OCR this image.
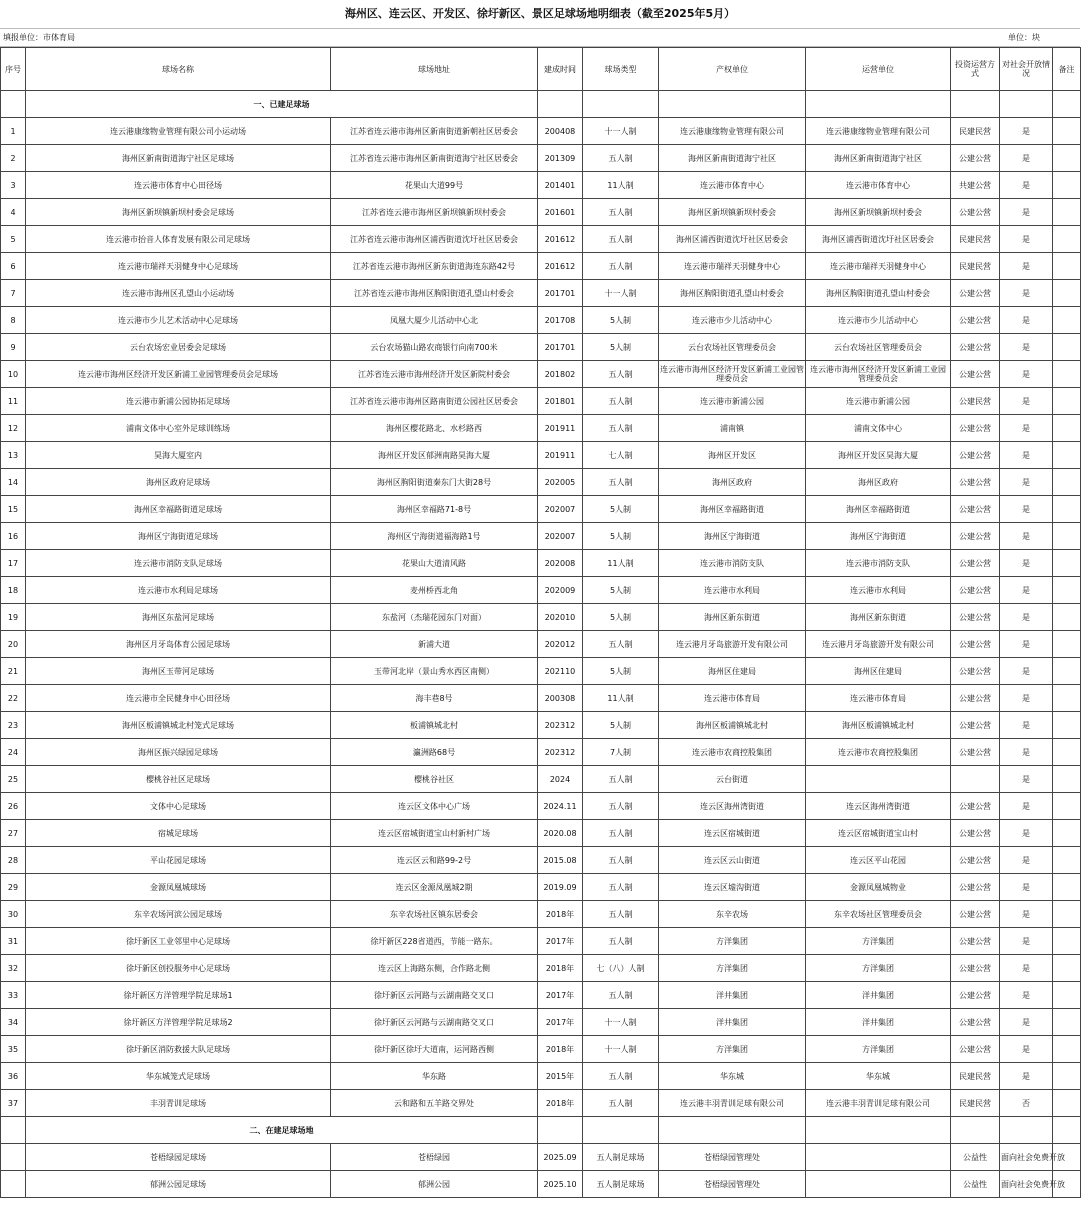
海州区、连云区、开发区、徐圩新区、景区足球场地明细表（截至2025年5月）
填报单位：市体育局	单位：块
序号	球场名称	球场地址	建成时间	球场类型	产权单位	运营单位	投资运营方式	对社会开放情况	备注
	一、已建足球场								
1	连云港康缘物业管理有限公司小运动场	江苏省连云港市海州区新南街道新朝社区居委会	200408	十一人制	连云港康缘物业管理有限公司	连云港康缘物业管理有限公司	民建民营	是	
2	海州区新南街道海宁社区足球场	江苏省连云港市海州区新南街道海宁社区居委会	201309	五人制	海州区新南街道海宁社区	海州区新南街道海宁社区	公建公营	是	
3	连云港市体育中心田径场	花果山大道99号	201401	11人制	连云港市体育中心	连云港市体育中心	共建公营	是	
4	海州区新坝镇新坝村委会足球场	江苏省连云港市海州区新坝镇新坝村委会	201601	五人制	海州区新坝镇新坝村委会	海州区新坝镇新坝村委会	公建公营	是	
5	连云港市抬音人体育发展有限公司足球场	江苏省连云港市海州区浦西街道沈圩社区居委会	201612	五人制	海州区浦西街道沈圩社区居委会	海州区浦西街道沈圩社区居委会	民建民营	是	
6	连云港市瑞祥天羽健身中心足球场	江苏省连云港市海州区新东街道海连东路42号	201612	五人制	连云港市瑞祥天羽健身中心	连云港市瑞祥天羽健身中心	民建民营	是	
7	连云港市海州区孔望山小运动场	江苏省连云港市海州区朐阳街道孔望山村委会	201701	十一人制	海州区朐阳街道孔望山村委会	海州区朐阳街道孔望山村委会	公建公营	是	
8	连云港市少儿艺术活动中心足球场	凤凰大厦少儿活动中心北	201708	5人制	连云港市少儿活动中心	连云港市少儿活动中心	公建公营	是	
9	云台农场宏业居委会足球场	云台农场猫山路农商银行向南700米	201701	5人制	云台农场社区管理委员会	云台农场社区管理委员会	公建公营	是	
10	连云港市海州区经济开发区新浦工业园管理委员会足球场	江苏省连云港市海州经济开发区新院村委会	201802	五人制	连云港市海州区经济开发区新浦工业园管理委员会	连云港市海州区经济开发区新浦工业园管理委员会	公建公营	是	
11	连云港市新浦公园协拓足球场	江苏省连云港市海州区路南街道公园社区居委会	201801	五人制	连云港市新浦公园	连云港市新浦公园	公建民营	是	
12	浦南文体中心室外足球训练场	海州区樱花路北、水杉路西	201911	五人制	浦南镇	浦南文体中心	公建公营	是	
13	昊海大厦室内	海州区开发区郁洲南路昊海大厦	201911	七人制	海州区开发区	海州区开发区昊海大厦	公建公营	是	
14	海州区政府足球场	海州区朐阳街道秦东门大街28号	202005	五人制	海州区政府	海州区政府	公建公营	是	
15	海州区幸福路街道足球场	海州区幸福路71-8号	202007	5人制	海州区幸福路街道	海州区幸福路街道	公建公营	是	
16	海州区宁海街道足球场	海州区宁海街道福海路1号	202007	5人制	海州区宁海街道	海州区宁海街道	公建公营	是	
17	连云港市消防支队足球场	花果山大道清风路	202008	11人制	连云港市消防支队	连云港市消防支队	公建公营	是	
18	连云港市水利局足球场	麦州桥西北角	202009	5人制	连云港市水利局	连云港市水利局	公建公营	是	
19	海州区东盐河足球场	东盐河（杰瑞花园东门对面）	202010	5人制	海州区新东街道	海州区新东街道	公建公营	是	
20	海州区月牙岛体育公园足球场	新浦大道	202012	五人制	连云港月牙岛旅游开发有限公司	连云港月牙岛旅游开发有限公司	公建公营	是	
21	海州区玉带河足球场	玉带河北岸（景山秀水西区南侧）	202110	5人制	海州区住建局	海州区住建局	公建公营	是	
22	连云港市全民健身中心田径场	海丰巷8号	200308	11人制	连云港市体育局	连云港市体育局	公建公营	是	
23	海州区板浦镇城北村笼式足球场	板浦镇城北村	202312	5人制	海州区板浦镇城北村	海州区板浦镇城北村	公建公营	是	
24	海州区振兴绿园足球场	瀛洲路68号	202312	7人制	连云港市农商控股集团	连云港市农商控股集团	公建公营	是	
25	樱桃谷社区足球场	樱桃谷社区	2024	五人制	云台街道			是	
26	文体中心足球场	连云区文体中心广场	2024.11	五人制	连云区海州湾街道	连云区海州湾街道	公建公营	是	
27	宿城足球场	连云区宿城街道宝山村新村广场	2020.08	五人制	连云区宿城街道	连云区宿城街道宝山村	公建公营	是	
28	平山花园足球场	连云区云和路99-2号	2015.08	五人制	连云区云山街道	连云区平山花园	公建公营	是	
29	金源凤凰城球场	连云区金源凤凰城2期	2019.09	五人制	连云区墟沟街道	金源凤凰城物业	公建公营	是	
30	东辛农场河滨公园足球场	东辛农场社区镇东居委会	2018年	五人制	东辛农场	东辛农场社区管理委员会	公建公营	是	
31	徐圩新区工业邻里中心足球场	徐圩新区228省道西，节能一路东。	2017年	五人制	方洋集团	方洋集团	公建公营	是	
32	徐圩新区创投服务中心足球场	连云区上海路东侧，合作路北侧	2018年	七（八）人制	方洋集团	方洋集团	公建公营	是	
33	徐圩新区方洋管理学院足球场1	徐圩新区云河路与云湖南路交叉口	2017年	五人制	洋井集团	洋井集团	公建公营	是	
34	徐圩新区方洋管理学院足球场2	徐圩新区云河路与云湖南路交叉口	2017年	十一人制	洋井集团	洋井集团	公建公营	是	
35	徐圩新区消防救援大队足球场	徐圩新区徐圩大道南，运河路西侧	2018年	十一人制	方洋集团	方洋集团	公建公营	是	
36	华东城笼式足球场	华东路	2015年	五人制	华东城	华东城	民建民营	是	
37	丰羽青训足球场	云和路和五羊路交界处	2018年	五人制	连云港丰羽青训足球有限公司	连云港丰羽青训足球有限公司	民建民营	否	
	二、在建足球场地								
	苍梧绿园足球场	苍梧绿园	2025.09	五人制足球场	苍梧绿园管理处		公益性	面向社会免费开放	
	郁洲公园足球场	郁洲公园	2025.10	五人制足球场	苍梧绿园管理处		公益性	面向社会免费开放	
